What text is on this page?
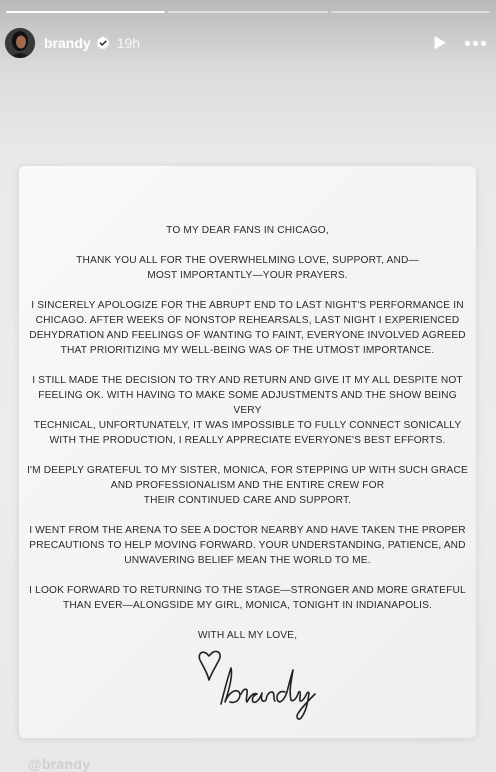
brandy 19h

TO MY DEAR FANS IN CHICAGO,

THANK YOU ALL FOR THE OVERWHELMING LOVE, SUPPORT, AND—
MOST IMPORTANTLY—YOUR PRAYERS.

I SINCERELY APOLOGIZE FOR THE ABRUPT END TO LAST NIGHT'S PERFORMANCE IN
CHICAGO. AFTER WEEKS OF NONSTOP REHEARSALS, LAST NIGHT I EXPERIENCED
DEHYDRATION AND FEELINGS OF WANTING TO FAINT, EVERYONE INVOLVED AGREED
THAT PRIORITIZING MY WELL-BEING WAS OF THE UTMOST IMPORTANCE.

I STILL MADE THE DECISION TO TRY AND RETURN AND GIVE IT MY ALL DESPITE NOT
FEELING OK. WITH HAVING TO MAKE SOME ADJUSTMENTS AND THE SHOW BEING VERY
TECHNICAL, UNFORTUNATELY, IT WAS IMPOSSIBLE TO FULLY CONNECT SONICALLY
WITH THE PRODUCTION, I REALLY APPRECIATE EVERYONE'S BEST EFFORTS.

I'M DEEPLY GRATEFUL TO MY SISTER, MONICA, FOR STEPPING UP WITH SUCH GRACE
AND PROFESSIONALISM AND THE ENTIRE CREW FOR
THEIR CONTINUED CARE AND SUPPORT.

I WENT FROM THE ARENA TO SEE A DOCTOR NEARBY AND HAVE TAKEN THE PROPER
PRECAUTIONS TO HELP MOVING FORWARD. YOUR UNDERSTANDING, PATIENCE, AND
UNWAVERING BELIEF MEAN THE WORLD TO ME.

I LOOK FORWARD TO RETURNING TO THE STAGE—STRONGER AND MORE GRATEFUL
THAN EVER—ALONGSIDE MY GIRL, MONICA, TONIGHT IN INDIANAPOLIS.

WITH ALL MY LOVE,

@brandy
